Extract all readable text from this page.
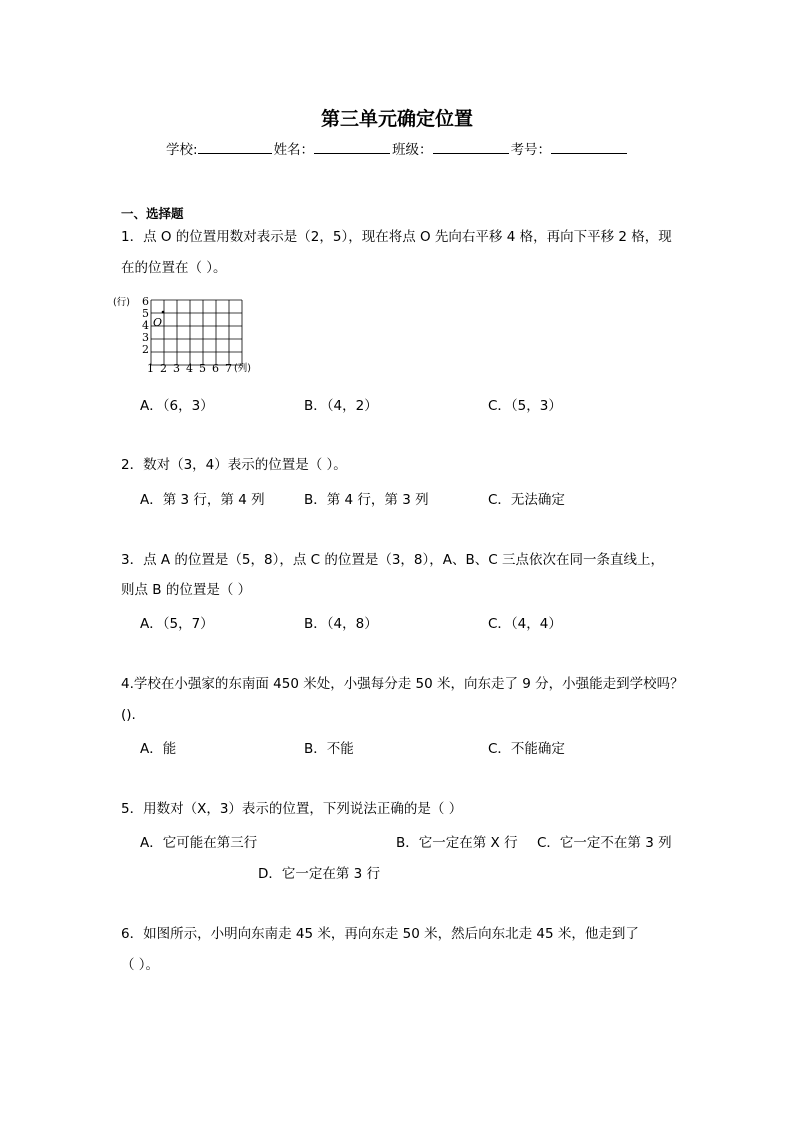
第三单元确定位置
学校:	姓名：	班级：	考号：
一、选择题
1．点 O 的位置用数对表示是（2，5），现在将点 O 先向右平移 4 格，再向下平移 2 格，现
在的位置在（ ）。
(行) 6
5
4
3
2
1 2 3 4 5 6 7 (列)
O
A．（6，3）	B．（4，2）	C．（5，3）
2．数对（3，4）表示的位置是（ ）。
A．第 3 行，第 4 列	B．第 4 行，第 3 列	C．无法确定
3．点 A 的位置是（5，8），点 C 的位置是（3，8），A、B、C 三点依次在同一条直线上，
则点 B 的位置是（ ）
A．（5，7）	B．（4，8）	C．（4，4）
4.学校在小强家的东南面 450 米处，小强每分走 50 米，向东走了 9 分，小强能走到学校吗？
().
A．能	B．不能	C．不能确定
5．用数对（X，3）表示的位置，下列说法正确的是（ ）
A．它可能在第三行	B．它一定在第 X 行 C．它一定不在第 3 列
D．它一定在第 3 行
6．如图所示，小明向东南走 45 米，再向东走 50 米，然后向东北走 45 米，他走到了
（ ）。
